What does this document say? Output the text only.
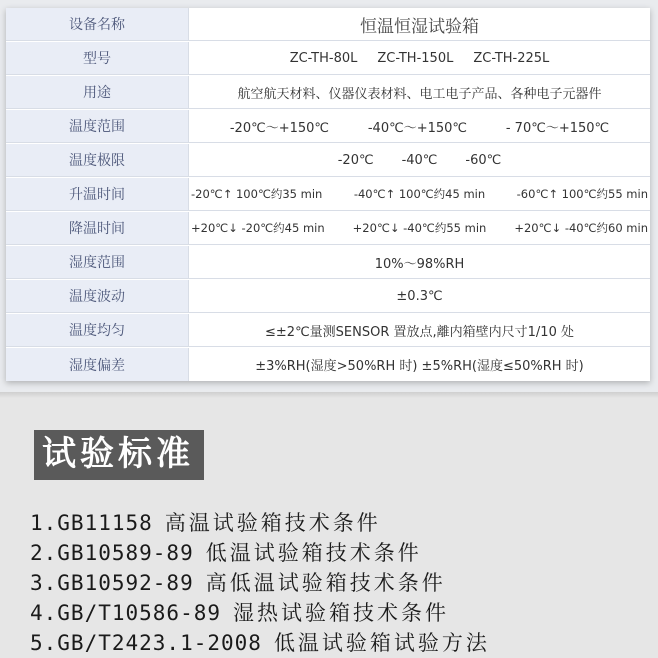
设备名称	恒温恒湿试验箱
型号	ZC-TH-80L ZC-TH-150L ZC-TH-225L
用途	航空航天材料、仪器仪表材料、电工电子产品、各种电子元器件
温度范围	-20℃～+150℃	-40℃～+150℃	- 70℃～+150℃
温度极限	-20℃ -40℃ -60℃
升温时间	-20℃↑ 100℃约35 min	-40℃↑ 100℃约45 min	-60℃↑ 100℃约55 min
降温时间	+20℃↓ -20℃约45 min +20℃↓ -40℃约55 min +20℃↓ -40℃约60 min
湿度范围	10%～98%RH
温度波动	±0.3℃
温度均匀	≤±2℃量测SENSOR 置放点,離内箱壁内尺寸1/10 处
湿度偏差	±3%RH(湿度>50%RH 时) ±5%RH(湿度≤50%RH 时)
试验标准
1.GB11158 高温试验箱技术条件
2.GB10589-89 低温试验箱技术条件
3.GB10592-89 高低温试验箱技术条件
4.GB/T10586-89 湿热试验箱技术条件
5.GB/T2423.1-2008 低温试验箱试验方法
